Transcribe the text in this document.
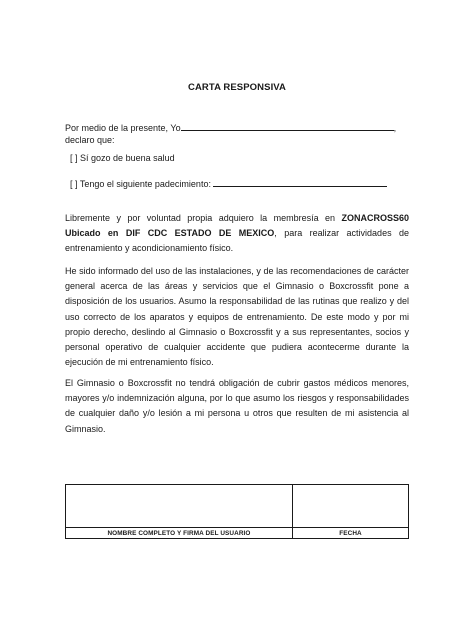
CARTA RESPONSIVA
Por medio de la presente, Yo	,
declaro que:
[ ] Sí gozo de buena salud
[ ] Tengo el siguiente padecimiento:
Libremente y por voluntad propia adquiero la membresía en ZONACROSS60 Ubicado en DIF CDC ESTADO DE MEXICO, para realizar actividades de entrenamiento y acondicionamiento físico.
He sido informado del uso de las instalaciones, y de las recomendaciones de carácter general acerca de las áreas y servicios que el Gimnasio o Boxcrossfit pone a disposición de los usuarios. Asumo la responsabilidad de las rutinas que realizo y del uso correcto de los aparatos y equipos de entrenamiento. De este modo y por mi propio derecho, deslindo al Gimnasio o Boxcrossfit y a sus representantes, socios y personal operativo de cualquier accidente que pudiera acontecerme durante la ejecución de mi entrenamiento físico.
El Gimnasio o Boxcrossfit no tendrá obligación de cubrir gastos médicos menores, mayores y/o indemnización alguna, por lo que asumo los riesgos y responsabilidades de cualquier daño y/o lesión a mi persona u otros que resulten de mi asistencia al Gimnasio.
NOMBRE COMPLETO Y FIRMA DEL USUARIO	FECHA
